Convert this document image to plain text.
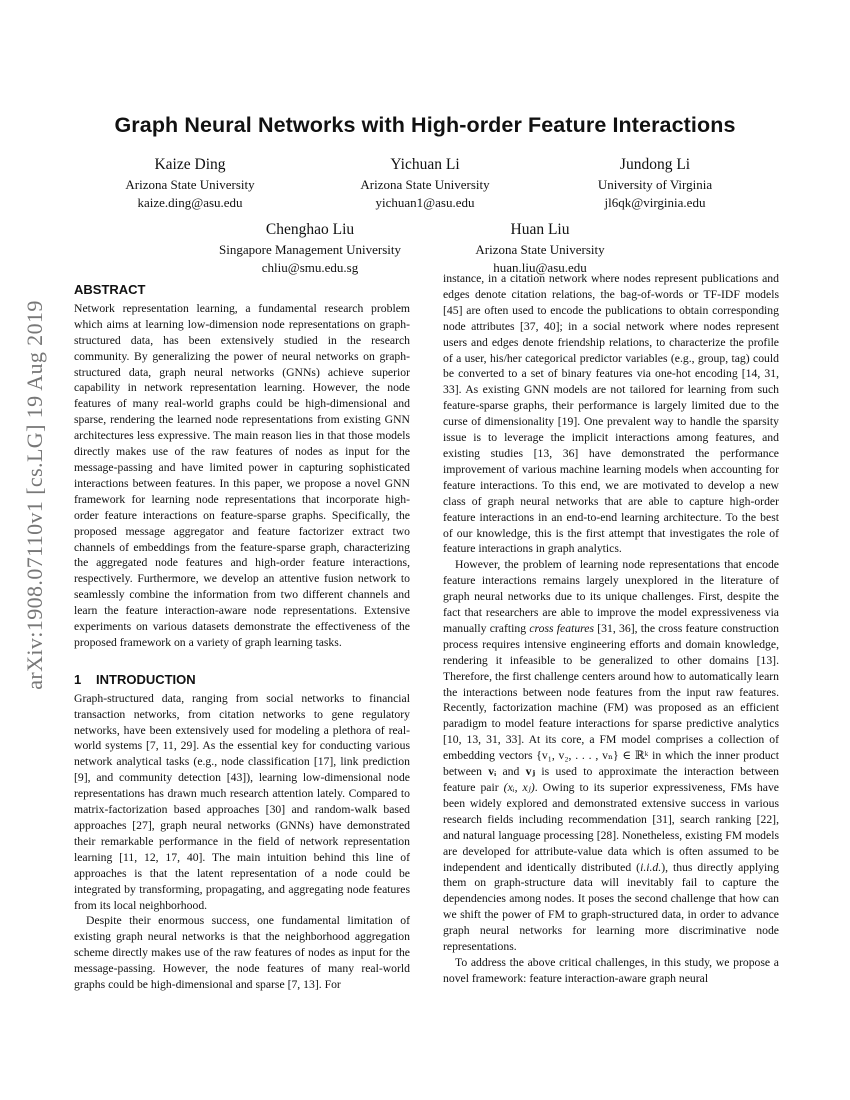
arXiv:1908.07110v1 [cs.LG] 19 Aug 2019
Graph Neural Networks with High-order Feature Interactions
Kaize Ding
Arizona State University
kaize.ding@asu.edu
Yichuan Li
Arizona State University
yichuan1@asu.edu
Jundong Li
University of Virginia
jl6qk@virginia.edu
Chenghao Liu
Singapore Management University
chliu@smu.edu.sg
Huan Liu
Arizona State University
huan.liu@asu.edu
ABSTRACT

Network representation learning, a fundamental research problem which aims at learning low-dimension node representations on graph-structured data, has been extensively studied in the research community. By generalizing the power of neural networks on graph-structured data, graph neural networks (GNNs) achieve superior capability in network representation learning. However, the node features of many real-world graphs could be high-dimensional and sparse, rendering the learned node representations from existing GNN architectures less expressive. The main reason lies in that those models directly makes use of the raw features of nodes as input for the message-passing and have limited power in capturing sophisticated interactions between features. In this paper, we propose a novel GNN framework for learning node representations that incorporate high-order feature interactions on feature-sparse graphs. Specifically, the proposed message aggregator and feature factorizer extract two channels of embeddings from the feature-sparse graph, characterizing the aggregated node features and high-order feature interactions, respectively. Furthermore, we develop an attentive fusion network to seamlessly combine the information from two different channels and learn the feature interaction-aware node representations. Extensive experiments on various datasets demonstrate the effectiveness of the proposed framework on a variety of graph learning tasks.

1 INTRODUCTION

Graph-structured data, ranging from social networks to financial transaction networks, from citation networks to gene regulatory networks, have been extensively used for modeling a plethora of real-world systems [7, 11, 29]. As the essential key for conducting various network analytical tasks (e.g., node classification [17], link prediction [9], and community detection [43]), learning low-dimensional node representations has drawn much research attention lately. Compared to matrix-factorization based approaches [30] and random-walk based approaches [27], graph neural networks (GNNs) have demonstrated their remarkable performance in the field of network representation learning [11, 12, 17, 40]. The main intuition behind this line of approaches is that the latent representation of a node could be integrated by transforming, propagating, and aggregating node features from its local neighborhood.

Despite their enormous success, one fundamental limitation of existing graph neural networks is that the neighborhood aggregation scheme directly makes use of the raw features of nodes as input for the message-passing. However, the node features of many real-world graphs could be high-dimensional and sparse [7, 13]. For

instance, in a citation network where nodes represent publications and edges denote citation relations, the bag-of-words or TF-IDF models [45] are often used to encode the publications to obtain corresponding node attributes [37, 40]; in a social network where nodes represent users and edges denote friendship relations, to characterize the profile of a user, his/her categorical predictor variables (e.g., group, tag) could be converted to a set of binary features via one-hot encoding [14, 31, 33]. As existing GNN models are not tailored for learning from such feature-sparse graphs, their performance is largely limited due to the curse of dimensionality [19]. One prevalent way to handle the sparsity issue is to leverage the implicit interactions among features, and existing studies [13, 36] have demonstrated the performance improvement of various machine learning models when accounting for feature interactions. To this end, we are motivated to develop a new class of graph neural networks that are able to capture high-order feature interactions in an end-to-end learning architecture. To the best of our knowledge, this is the first attempt that investigates the role of feature interactions in graph analytics.

However, the problem of learning node representations that encode feature interactions remains largely unexplored in the literature of graph neural networks due to its unique challenges. First, despite the fact that researchers are able to improve the model expressiveness via manually crafting cross features [31, 36], the cross feature construction process requires intensive engineering efforts and domain knowledge, rendering it infeasible to be generalized to other domains [13]. Therefore, the first challenge centers around how to automatically learn the interactions between node features from the input raw features. Recently, factorization machine (FM) was proposed as an efficient paradigm to model feature interactions for sparse predictive analytics [10, 13, 31, 33]. At its core, a FM model comprises a collection of embedding vectors {v₁, v₂, . . . , vₙ} ∈ ℝᵏ in which the inner product between vᵢ and vⱼ is used to approximate the interaction between feature pair (xᵢ, xⱼ). Owing to its superior expressiveness, FMs have been widely explored and demonstrated extensive success in various research fields including recommendation [31], search ranking [22], and natural language processing [28]. Nonetheless, existing FM models are developed for attribute-value data which is often assumed to be independent and identically distributed (i.i.d.), thus directly applying them on graph-structure data will inevitably fail to capture the dependencies among nodes. It poses the second challenge that how can we shift the power of FM to graph-structured data, in order to advance graph neural networks for learning more discriminative node representations.

To address the above critical challenges, in this study, we propose a novel framework: feature interaction-aware graph neural
